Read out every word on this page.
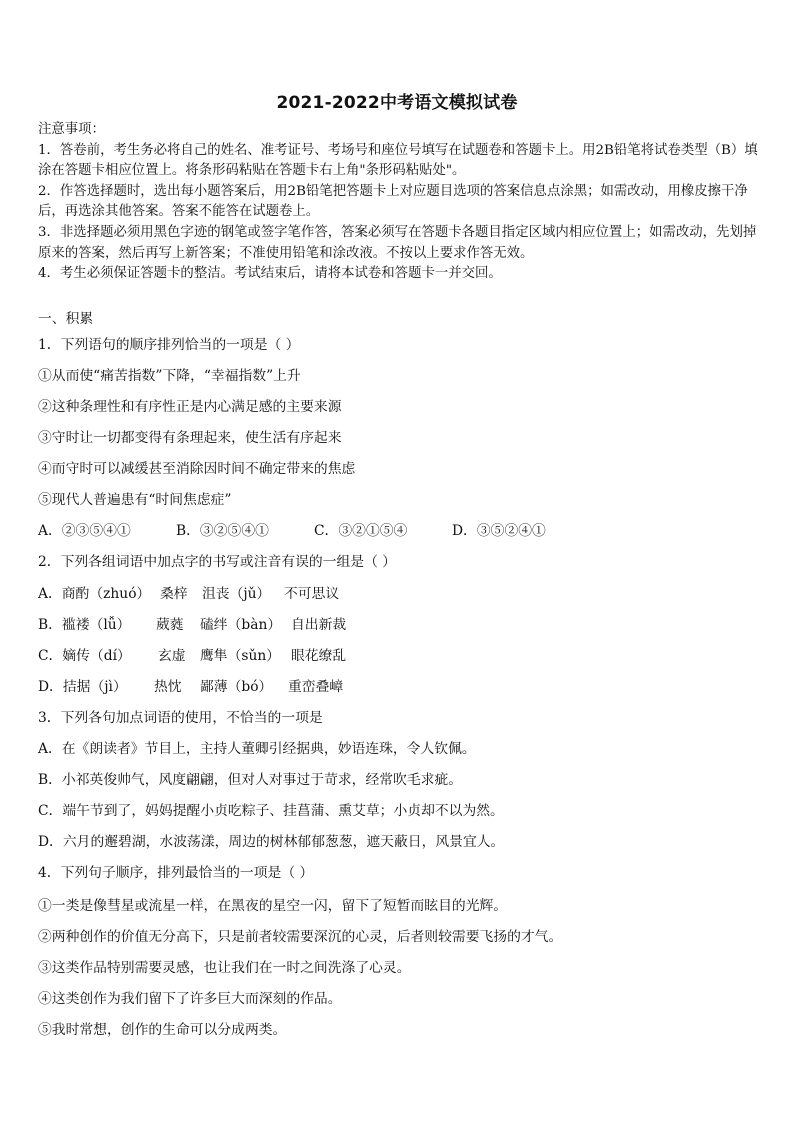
2021-2022中考语文模拟试卷
注意事项：
1．答卷前，考生务必将自己的姓名、准考证号、考场号和座位号填写在试题卷和答题卡上。用2B铅笔将试卷类型（B）填涂在答题卡相应位置上。将条形码粘贴在答题卡右上角"条形码粘贴处"。
2．作答选择题时，选出每小题答案后，用2B铅笔把答题卡上对应题目选项的答案信息点涂黑；如需改动，用橡皮擦干净后，再选涂其他答案。答案不能答在试题卷上。
3．非选择题必须用黑色字迹的钢笔或签字笔作答，答案必须写在答题卡各题目指定区域内相应位置上；如需改动，先划掉原来的答案，然后再写上新答案；不准使用铅笔和涂改液。不按以上要求作答无效。
4．考生必须保证答题卡的整洁。考试结束后，请将本试卷和答题卡一并交回。
一、积累
1．下列语句的顺序排列恰当的一项是（ ）
①从而使“痛苦指数”下降，“幸福指数”上升
②这种条理性和有序性正是内心满足感的主要来源
③守时让一切都变得有条理起来，使生活有序起来
④而守时可以减缓甚至消除因时间不确定带来的焦虑
⑤现代人普遍患有“时间焦虑症”
A．②③⑤④①	B．③②⑤④①	C．③②①⑤④	D．③⑤②④①
2．下列各组词语中加点字的书写或注音有误的一组是（ ）
A．商酌（zhuó） 桑梓 沮丧（jǔ） 不可思议
B．褴褛（lǚ） 葳蕤 磕绊（bàn） 自出新裁
C．嫡传（dí） 玄虚 鹰隼（sǔn） 眼花缭乱
D．拮据（jì） 热忱 鄙薄（bó） 重峦叠嶂
3．下列各句加点词语的使用，不恰当的一项是
A．在《朗读者》节目上，主持人董卿引经据典，妙语连珠，令人钦佩。
B．小祁英俊帅气，风度翩翩，但对人对事过于苛求，经常吹毛求疵。
C．端午节到了，妈妈提醒小贞吃粽子、挂菖蒲、熏艾草；小贞却不以为然。
D．六月的邂碧湖，水波荡漾，周边的树林郁郁葱葱，遮天蔽日，风景宜人。
4．下列句子顺序，排列最恰当的一项是（ ）
①一类是像彗星或流星一样，在黑夜的星空一闪，留下了短暂而眩目的光辉。
②两种创作的价值无分高下，只是前者较需要深沉的心灵，后者则较需要飞扬的才气。
③这类作品特别需要灵感，也让我们在一时之间洗涤了心灵。
④这类创作为我们留下了许多巨大而深刻的作品。
⑤我时常想，创作的生命可以分成两类。
